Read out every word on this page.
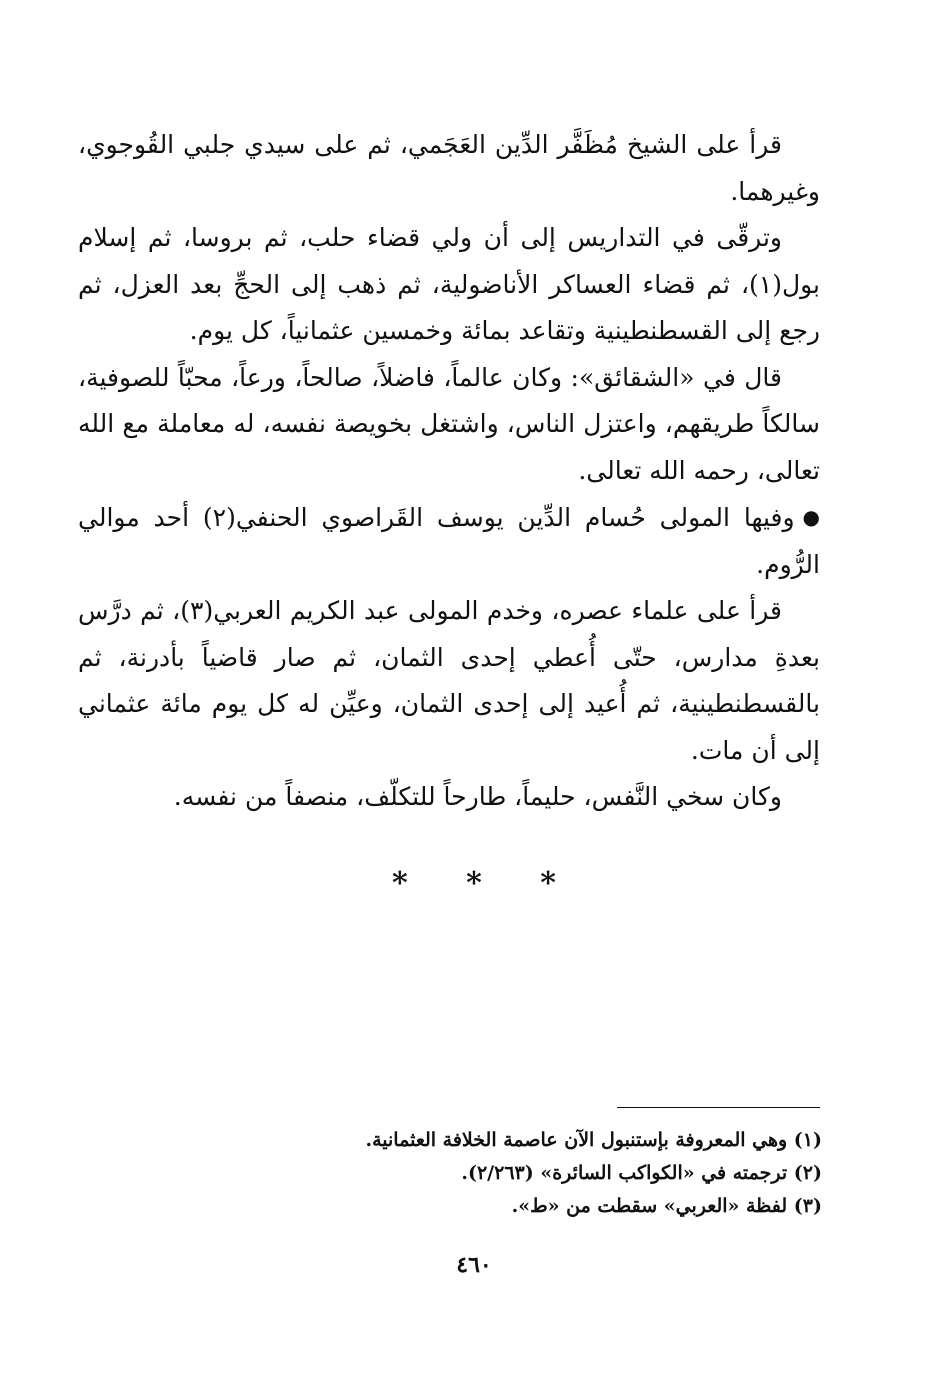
قرأ على الشيخ مُظَفَّر الدِّين العَجَمي، ثم على سيدي جلبي القُوجوي، وغيرهما.

وترقّى في التداريس إلى أن ولي قضاء حلب، ثم بروسا، ثم إسلام بول(١)، ثم قضاء العساكر الأناضولية، ثم ذهب إلى الحجِّ بعد العزل، ثم رجع إلى القسطنطينية وتقاعد بمائة وخمسين عثمانياً، كل يوم.

قال في «الشقائق»: وكان عالماً، فاضلاً، صالحاً، ورعاً، محبّاً للصوفية، سالكاً طريقهم، واعتزل الناس، واشتغل بخويصة نفسه، له معاملة مع الله تعالى، رحمه الله تعالى.

●وفيها المولى حُسام الدِّين يوسف القَراصوي الحنفي(٢) أحد موالي الرُّوم.

قرأ على علماء عصره، وخدم المولى عبد الكريم العربي(٣)، ثم درَّس بعدةِ مدارس، حتّى أُعطي إحدى الثمان، ثم صار قاضياً بأدرنة، ثم بالقسطنطينية، ثم أُعيد إلى إحدى الثمان، وعيِّن له كل يوم مائة عثماني إلى أن مات.

وكان سخي النَّفس، حليماً، طارحاً للتكلّف، منصفاً من نفسه.

* * *
(١) وهي المعروفة بإستنبول الآن عاصمة الخلافة العثمانية.
(٢) ترجمته في «الكواكب السائرة» (٢/٢٦٣).
(٣) لفظة «العربي» سقطت من «ط».
٤٦٠
